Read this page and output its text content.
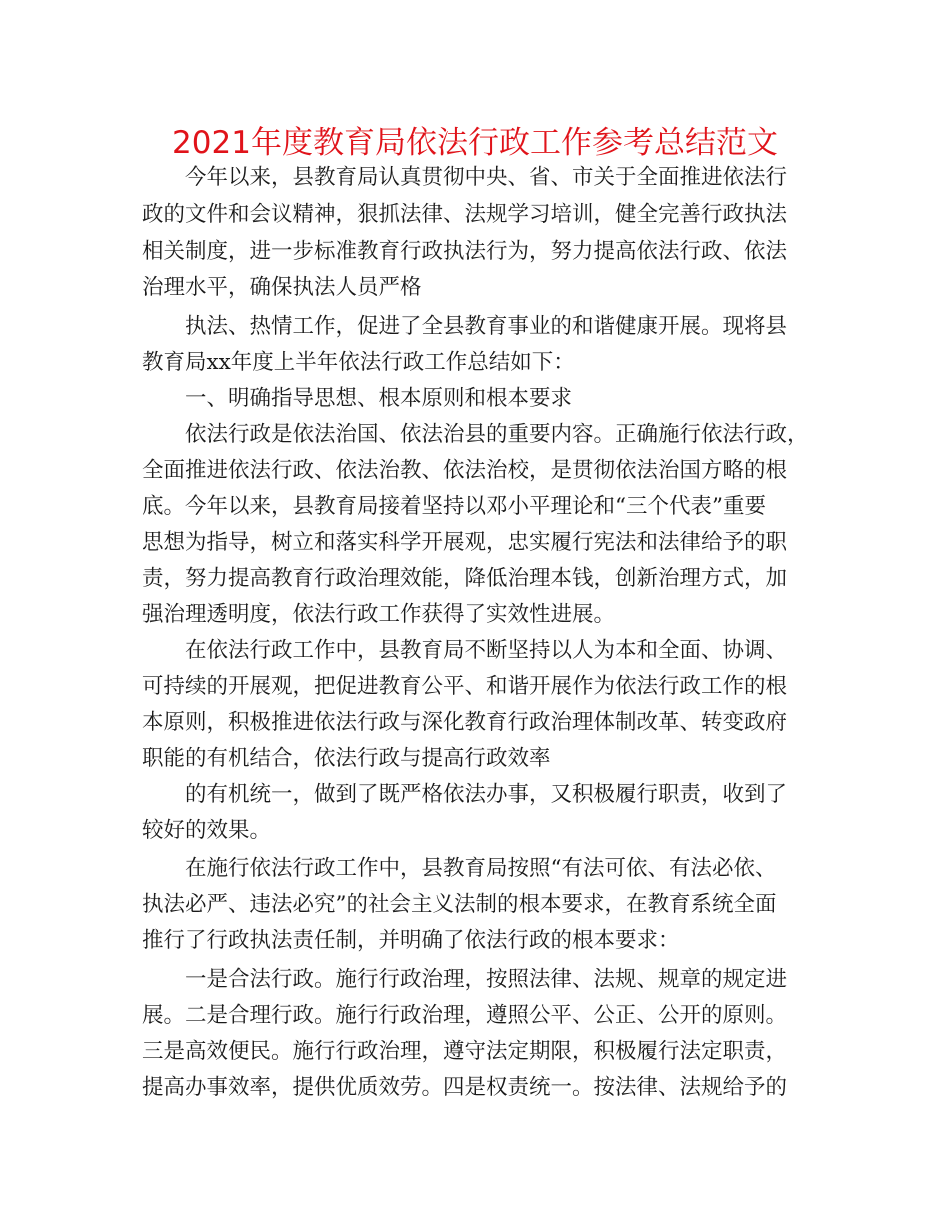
2021年度教育局依法行政工作参考总结范文

今年以来，县教育局认真贯彻中央、省、市关于全面推进依法行

政的文件和会议精神，狠抓法律、法规学习培训，健全完善行政执法

相关制度，进一步标准教育行政执法行为，努力提高依法行政、依法

治理水平，确保执法人员严格

执法、热情工作，促进了全县教育事业的和谐健康开展。现将县

教育局xx年度上半年依法行政工作总结如下：

一、明确指导思想、根本原则和根本要求

依法行政是依法治国、依法治县的重要内容。正确施行依法行政，

全面推进依法行政、依法治教、依法治校，是贯彻依法治国方略的根

底。今年以来，县教育局接着坚持以邓小平理论和“三个代表”重要

思想为指导，树立和落实科学开展观，忠实履行宪法和法律给予的职

责，努力提高教育行政治理效能，降低治理本钱，创新治理方式，加

强治理透明度，依法行政工作获得了实效性进展。

在依法行政工作中，县教育局不断坚持以人为本和全面、协调、

可持续的开展观，把促进教育公平、和谐开展作为依法行政工作的根

本原则，积极推进依法行政与深化教育行政治理体制改革、转变政府

职能的有机结合，依法行政与提高行政效率

的有机统一，做到了既严格依法办事，又积极履行职责，收到了

较好的效果。

在施行依法行政工作中，县教育局按照“有法可依、有法必依、

执法必严、违法必究”的社会主义法制的根本要求，在教育系统全面

推行了行政执法责任制，并明确了依法行政的根本要求：

一是合法行政。施行行政治理，按照法律、法规、规章的规定进

展。二是合理行政。施行行政治理，遵照公平、公正、公开的原则。

三是高效便民。施行行政治理，遵守法定期限，积极履行法定职责，

提高办事效率，提供优质效劳。四是权责统一。按法律、法规给予的
